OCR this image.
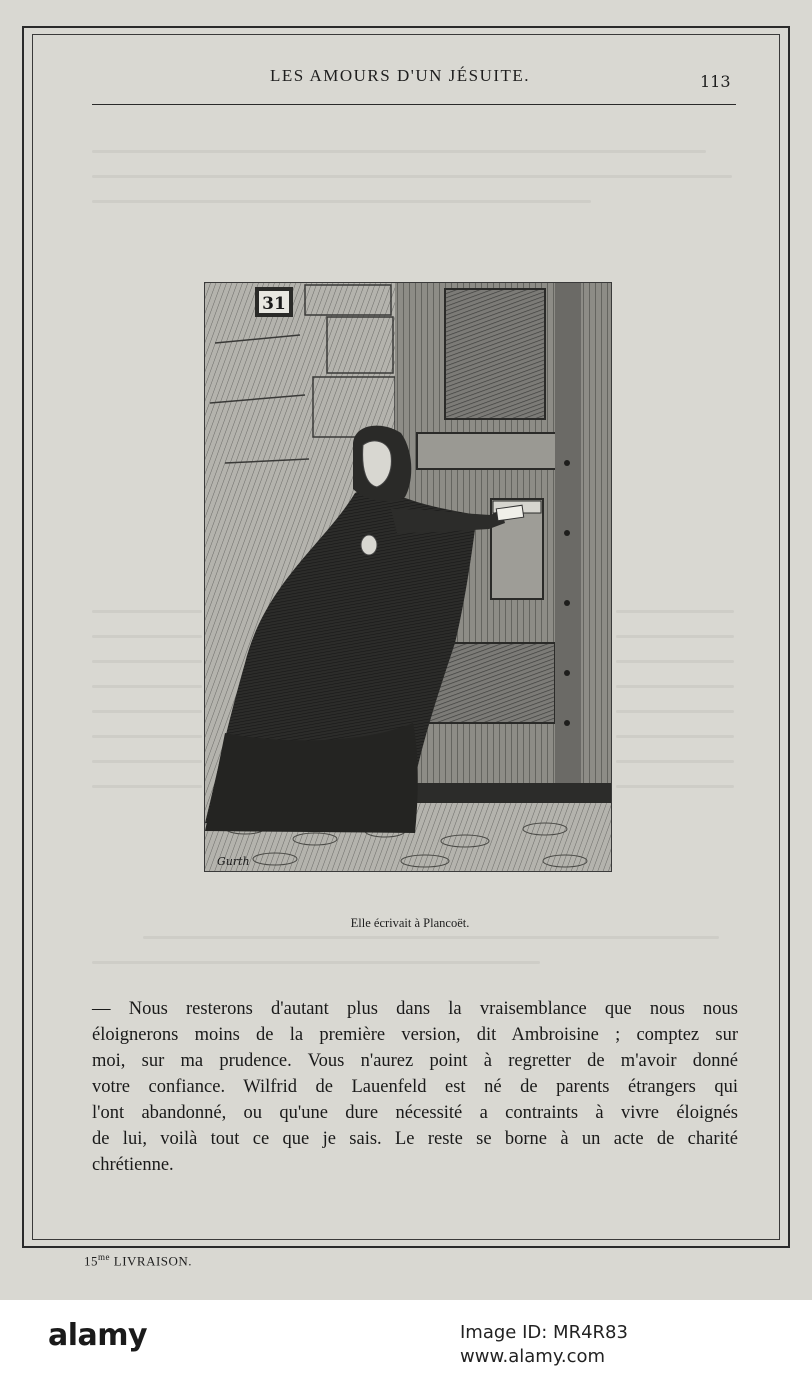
LES AMOURS D'UN JÉSUITE.	113
31
Gurth
Elle écrivait à Plancoët.
— Nous resterons d'autant plus dans la vraisemblance que nous nous
éloignerons moins de la première version, dit Ambroisine ; comptez sur
moi, sur ma prudence. Vous n'aurez point à regretter de m'avoir donné
votre confiance. Wilfrid de Lauenfeld est né de parents étrangers qui
l'ont abandonné, ou qu'une dure nécessité a contraints à vivre éloignés
de lui, voilà tout ce que je sais. Le reste se borne à un acte de charité
chrétienne.
$15^{me}$ LIVRAISON.
alamy	Image ID: MR4R83
www.alamy.com
